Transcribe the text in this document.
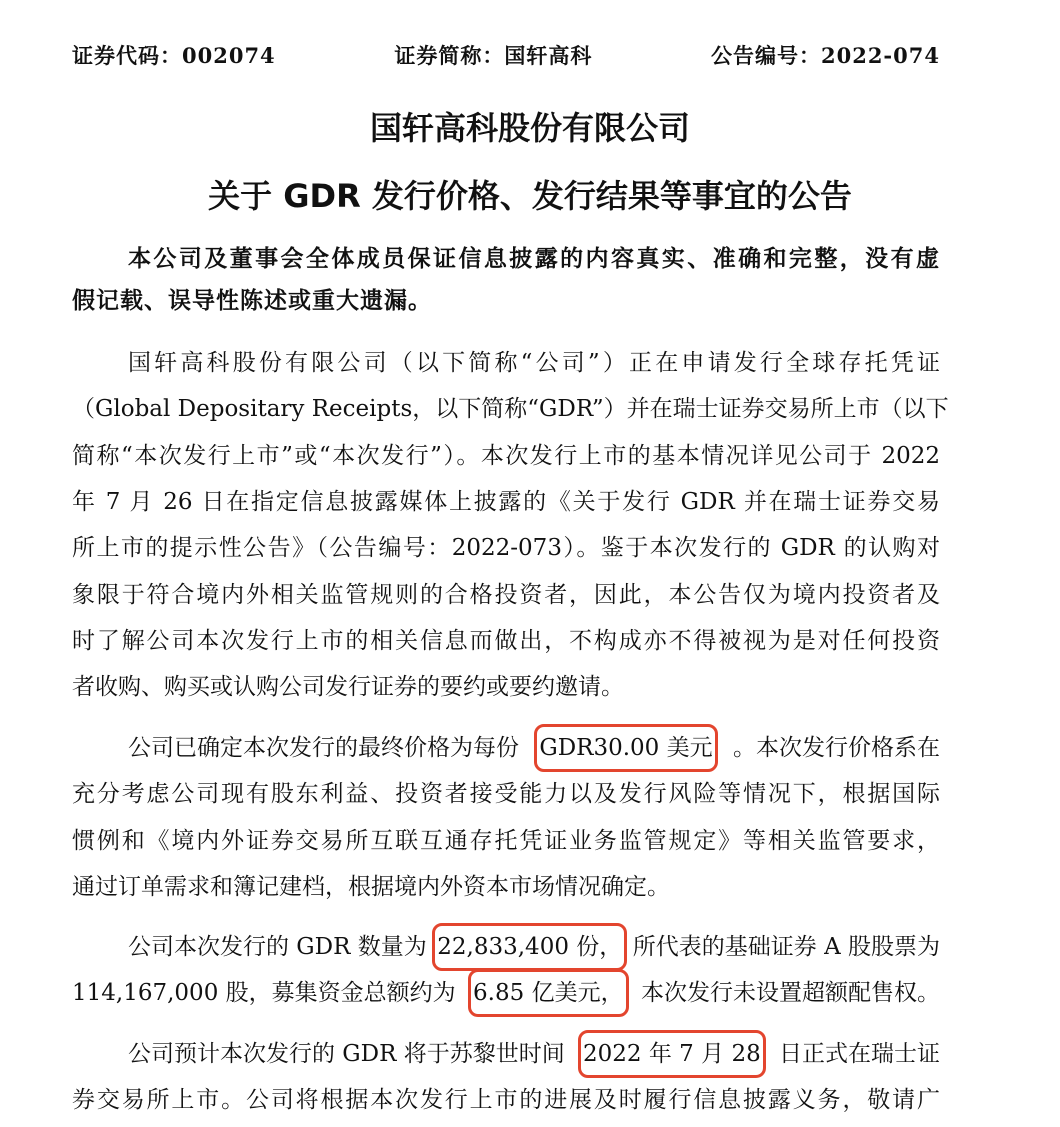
证券代码：002074	证券简称：国轩高科	公告编号：2022-074
国轩高科股份有限公司
关于 GDR 发行价格、发行结果等事宜的公告
本公司及董事会全体成员保证信息披露的内容真实、准确和完整，没有虚
假记载、误导性陈述或重大遗漏。
国轩高科股份有限公司（以下简称“公司”）正在申请发行全球存托凭证
（Global Depositary Receipts，以下简称“GDR”）并在瑞士证券交易所上市（以下
简称“本次发行上市”或“本次发行”）。本次发行上市的基本情况详见公司于 2022
年 7 月 26 日在指定信息披露媒体上披露的《关于发行 GDR 并在瑞士证券交易
所上市的提示性公告》（公告编号：2022-073）。鉴于本次发行的 GDR 的认购对
象限于符合境内外相关监管规则的合格投资者，因此，本公告仅为境内投资者及
时了解公司本次发行上市的相关信息而做出，不构成亦不得被视为是对任何投资
者收购、购买或认购公司发行证券的要约或要约邀请。
公司已确定本次发行的最终价格为每份 GDR30.00 美元 。本次发行价格系在
充分考虑公司现有股东利益、投资者接受能力以及发行风险等情况下，根据国际
惯例和《境内外证券交易所互联互通存托凭证业务监管规定》等相关监管要求，
通过订单需求和簿记建档，根据境内外资本市场情况确定。
公司本次发行的 GDR 数量为 22,833,400 份， 所代表的基础证券 A 股股票为
114,167,000 股，募集资金总额约为 6.85 亿美元， 本次发行未设置超额配售权。
公司预计本次发行的 GDR 将于苏黎世时间 2022 年 7 月 28 日正式在瑞士证
券交易所上市。公司将根据本次发行上市的进展及时履行信息披露义务，敬请广
